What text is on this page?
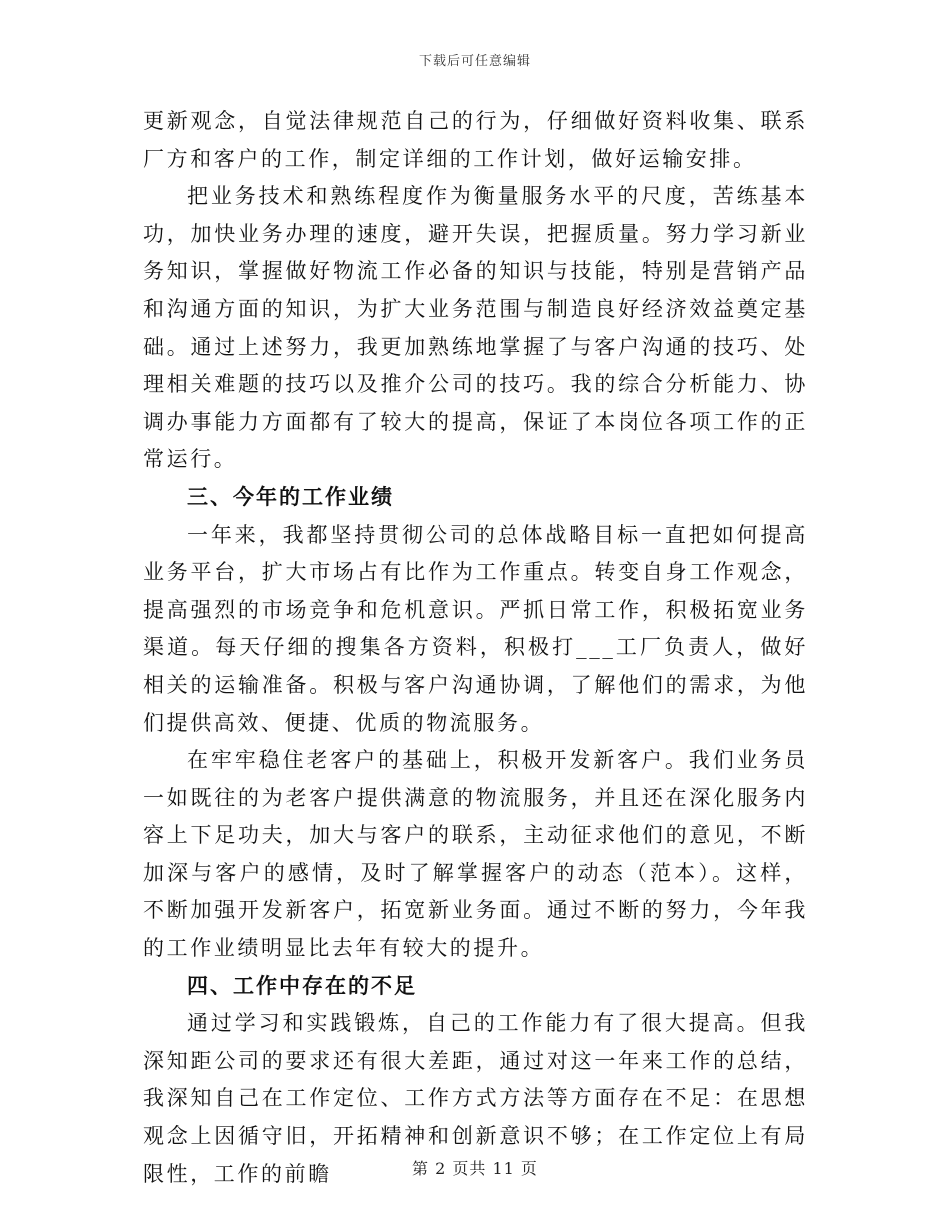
下载后可任意编辑

更新观念，自觉法律规范自己的行为，仔细做好资料收集、联系厂方和客户的工作，制定详细的工作计划，做好运输安排。

把业务技术和熟练程度作为衡量服务水平的尺度，苦练基本功，加快业务办理的速度，避开失误，把握质量。努力学习新业务知识，掌握做好物流工作必备的知识与技能，特别是营销产品和沟通方面的知识，为扩大业务范围与制造良好经济效益奠定基础。通过上述努力，我更加熟练地掌握了与客户沟通的技巧、处理相关难题的技巧以及推介公司的技巧。我的综合分析能力、协调办事能力方面都有了较大的提高，保证了本岗位各项工作的正常运行。

三、今年的工作业绩

一年来，我都坚持贯彻公司的总体战略目标一直把如何提高业务平台，扩大市场占有比作为工作重点。转变自身工作观念，提高强烈的市场竞争和危机意识。严抓日常工作，积极拓宽业务渠道。每天仔细的搜集各方资料，积极打___工厂负责人，做好相关的运输准备。积极与客户沟通协调，了解他们的需求，为他们提供高效、便捷、优质的物流服务。

在牢牢稳住老客户的基础上，积极开发新客户。我们业务员一如既往的为老客户提供满意的物流服务，并且还在深化服务内容上下足功夫，加大与客户的联系，主动征求他们的意见，不断加深与客户的感情，及时了解掌握客户的动态（范本）。这样，不断加强开发新客户，拓宽新业务面。通过不断的努力，今年我的工作业绩明显比去年有较大的提升。

四、工作中存在的不足

通过学习和实践锻炼，自己的工作能力有了很大提高。但我深知距公司的要求还有很大差距，通过对这一年来工作的总结，我深知自己在工作定位、工作方式方法等方面存在不足：在思想观念上因循守旧，开拓精神和创新意识不够；在工作定位上有局限性，工作的前瞻	第 2 页共 11 页
